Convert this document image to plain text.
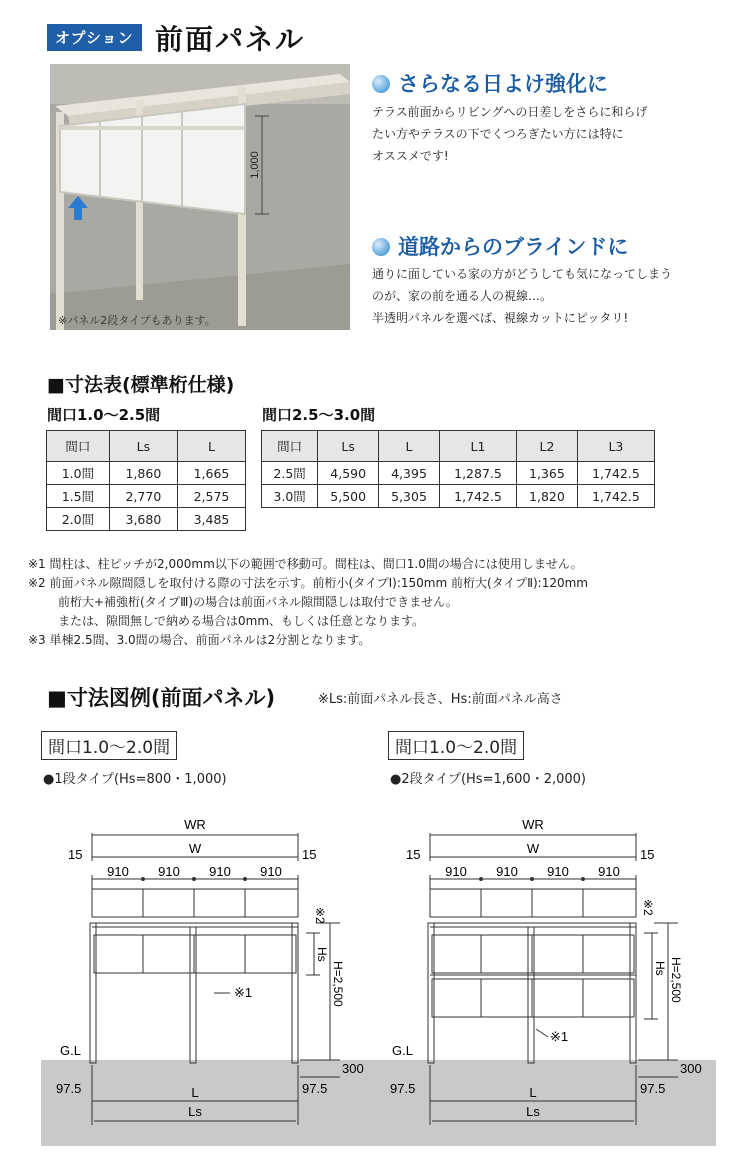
オプション 前面パネル
1,000
※パネル2段タイプもあります。
さらなる日よけ強化に
テラス前面からリビングへの日差しをさらに和らげ
たい方やテラスの下でくつろぎたい方には特に
オススメです!
道路からのブラインドに
通りに面している家の方がどうしても気になってしまう
のが、家の前を通る人の視線…。
半透明パネルを選べば、視線カットにピッタリ!
■寸法表(標準桁仕様)
間口1.0〜2.5間	間口2.5〜3.0間
間口	Ls	L
1.0間	1,860	1,665
1.5間	2,770	2,575
2.0間	3,680	3,485
間口	Ls	L	L1	L2	L3
2.5間	4,590	4,395	1,287.5	1,365	1,742.5
3.0間	5,500	5,305	1,742.5	1,820	1,742.5
※1 間柱は、柱ピッチが2,000mm以下の範囲で移動可。間柱は、間口1.0間の場合には使用しません。
※2 前面パネル隙間隠しを取付ける際の寸法を示す。前桁小(タイプⅠ):150mm 前桁大(タイプⅡ):120mm
前桁大+補強桁(タイプⅢ)の場合は前面パネル隙間隠しは取付できません。
または、隙間無しで納める場合は0mm、もしくは任意となります。
※3 単棟2.5間、3.0間の場合、前面パネルは2分割となります。
■寸法図例(前面パネル)	※Ls:前面パネル長さ、Hs:前面パネル高さ
間口1.0〜2.0間
●1段タイプ(Hs=800・1,000)
間口1.0〜2.0間
●2段タイプ(Hs=1,600・2,000)
WR
W
15	15
910 910 910 910
※2
Hs
H=2,500
※1
G.L
300
97.5	97.5
L
Ls
WR
W
15	15
910 910 910 910
※2
Hs H=2,500
※1
G.L
300
97.5	97.5
L
Ls
